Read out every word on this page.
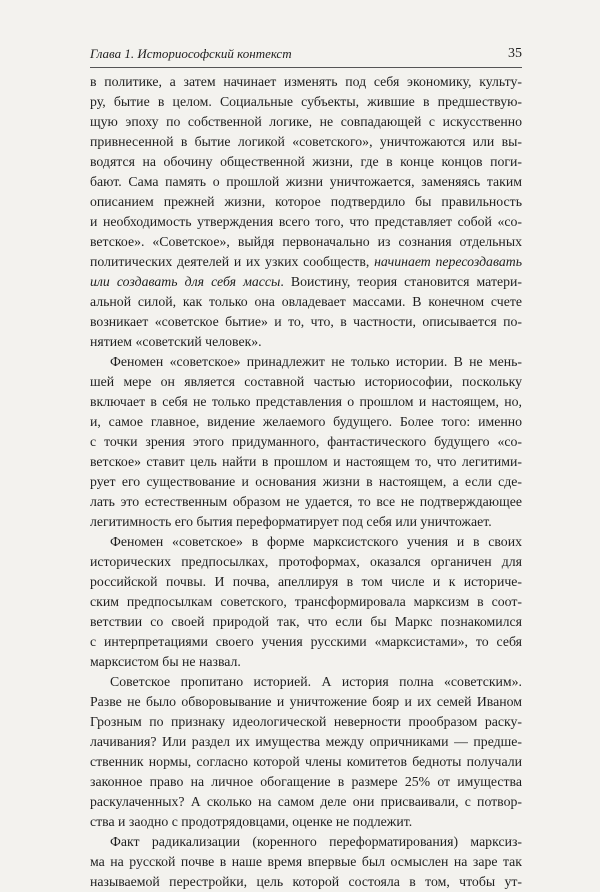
Глава 1. Историософский контекст	35
в политике, а затем начинает изменять под себя экономику, культу-
ру, бытие в целом. Социальные субъекты, жившие в предшествую-
щую эпоху по собственной логике, не совпадающей с искусственно
привнесенной в бытие логикой «советского», уничтожаются или вы-
водятся на обочину общественной жизни, где в конце концов поги-
бают. Сама память о прошлой жизни уничтожается, заменяясь таким
описанием прежней жизни, которое подтвердило бы правильность
и необходимость утверждения всего того, что представляет собой «со-
ветское». «Советское», выйдя первоначально из сознания отдельных
политических деятелей и их узких сообществ, начинает пересоздавать
или создавать для себя массы. Воистину, теория становится матери-
альной силой, как только она овладевает массами. В конечном счете
возникает «советское бытие» и то, что, в частности, описывается по-
нятием «советский человек».
Феномен «советское» принадлежит не только истории. В не мень-
шей мере он является составной частью историософии, поскольку
включает в себя не только представления о прошлом и настоящем, но,
и, самое главное, видение желаемого будущего. Более того: именно
с точки зрения этого придуманного, фантастического будущего «со-
ветское» ставит цель найти в прошлом и настоящем то, что легитими-
рует его существование и основания жизни в настоящем, а если сде-
лать это естественным образом не удается, то все не подтверждающее
легитимность его бытия переформатирует под себя или уничтожает.
Феномен «советское» в форме марксистского учения и в своих
исторических предпосылках, протоформах, оказался органичен для
российской почвы. И почва, апеллируя в том числе и к историче-
ским предпосылкам советского, трансформировала марксизм в соот-
ветствии со своей природой так, что если бы Маркс познакомился
с интерпретациями своего учения русскими «марксистами», то себя
марксистом бы не назвал.
Советское пропитано историей. А история полна «советским».
Разве не было обворовывание и уничтожение бояр и их семей Иваном
Грозным по признаку идеологической неверности прообразом раску-
лачивания? Или раздел их имущества между опричниками — предше-
ственник нормы, согласно которой члены комитетов бедноты получали
законное право на личное обогащение в размере 25% от имущества
раскулаченных? А сколько на самом деле они присваивали, с потвор-
ства и заодно с продотрядовцами, оценке не подлежит.
Факт радикализации (коренного переформатирования) марксиз-
ма на русской почве в наше время впервые был осмыслен на заре так
называемой перестройки, цель которой состояла в том, чтобы ут-
